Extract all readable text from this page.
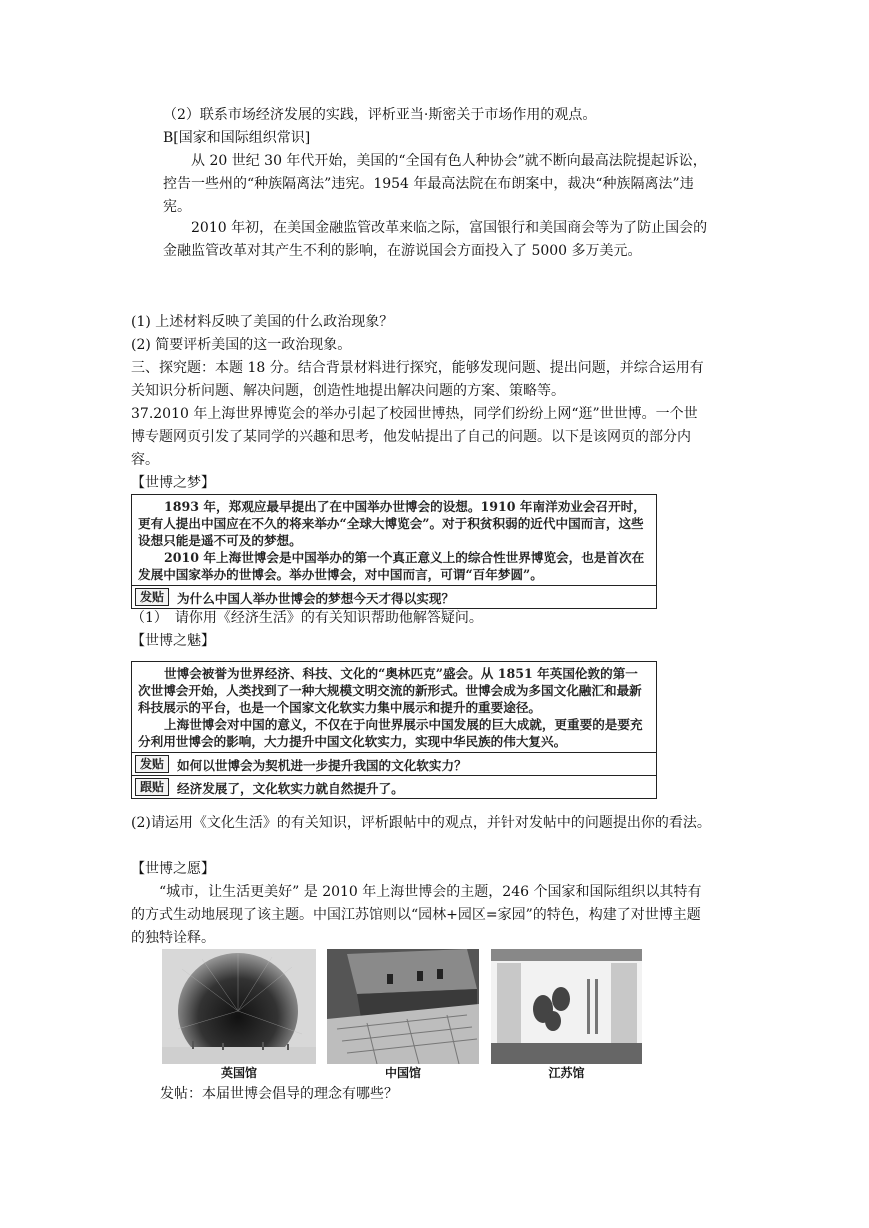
（2）联系市场经济发展的实践，评析亚当·斯密关于市场作用的观点。
B[国家和国际组织常识]
从 20 世纪 30 年代开始，美国的“全国有色人种协会”就不断向最高法院提起诉讼，控告一些州的“种族隔离法”违宪。1954 年最高法院在布朗案中，裁决“种族隔离法”违宪。
2010 年初，在美国金融监管改革来临之际，富国银行和美国商会等为了防止国会的金融监管改革对其产生不利的影响，在游说国会方面投入了 5000 多万美元。
(1) 上述材料反映了美国的什么政治现象？
(2) 简要评析美国的这一政治现象。
三、探究题：本题 18 分。结合背景材料进行探究，能够发现问题、提出问题，并综合运用有关知识分析问题、解决问题，创造性地提出解决问题的方案、策略等。
37.2010 年上海世界博览会的举办引起了校园世博热，同学们纷纷上网“逛”世世博。一个世博专题网页引发了某同学的兴趣和思考，他发帖提出了自己的问题。以下是该网页的部分内容。
【世博之梦】
1893 年，郑观应最早提出了在中国举办世博会的设想。1910 年南洋劝业会召开时，更有人提出中国应在不久的将来举办“全球大博览会”。对于积贫积弱的近代中国而言，这些设想只能是遥不可及的梦想。
2010 年上海世博会是中国举办的第一个真正意义上的综合性世界博览会，也是首次在发展中国家举办的世博会。举办世博会，对中国而言，可谓“百年梦圆”。
发贴	为什么中国人举办世博会的梦想今天才得以实现？
（1）　请你用《经济生活》的有关知识帮助他解答疑问。
【世博之魅】
世博会被誉为世界经济、科技、文化的“奥林匹克”盛会。从 1851 年英国伦敦的第一次世博会开始，人类找到了一种大规模文明交流的新形式。世博会成为多国文化融汇和最新科技展示的平台，也是一个国家文化软实力集中展示和提升的重要途径。
上海世博会对中国的意义，不仅在于向世界展示中国发展的巨大成就，更重要的是要充分利用世博会的影响，大力提升中国文化软实力，实现中华民族的伟大复兴。
发贴	如何以世博会为契机进一步提升我国的文化软实力？
跟贴	经济发展了，文化软实力就自然提升了。
(2)请运用《文化生活》的有关知识，评析跟帖中的观点，并针对发帖中的问题提出你的看法。
【世博之愿】
“城市，让生活更美好” 是 2010 年上海世博会的主题，246 个国家和国际组织以其特有的方式生动地展现了该主题。中国江苏馆则以“园林+园区=家园”的特色，构建了对世博主题的独特诠释。
英国馆	中国馆	江苏馆
发帖：本届世博会倡导的理念有哪些？
